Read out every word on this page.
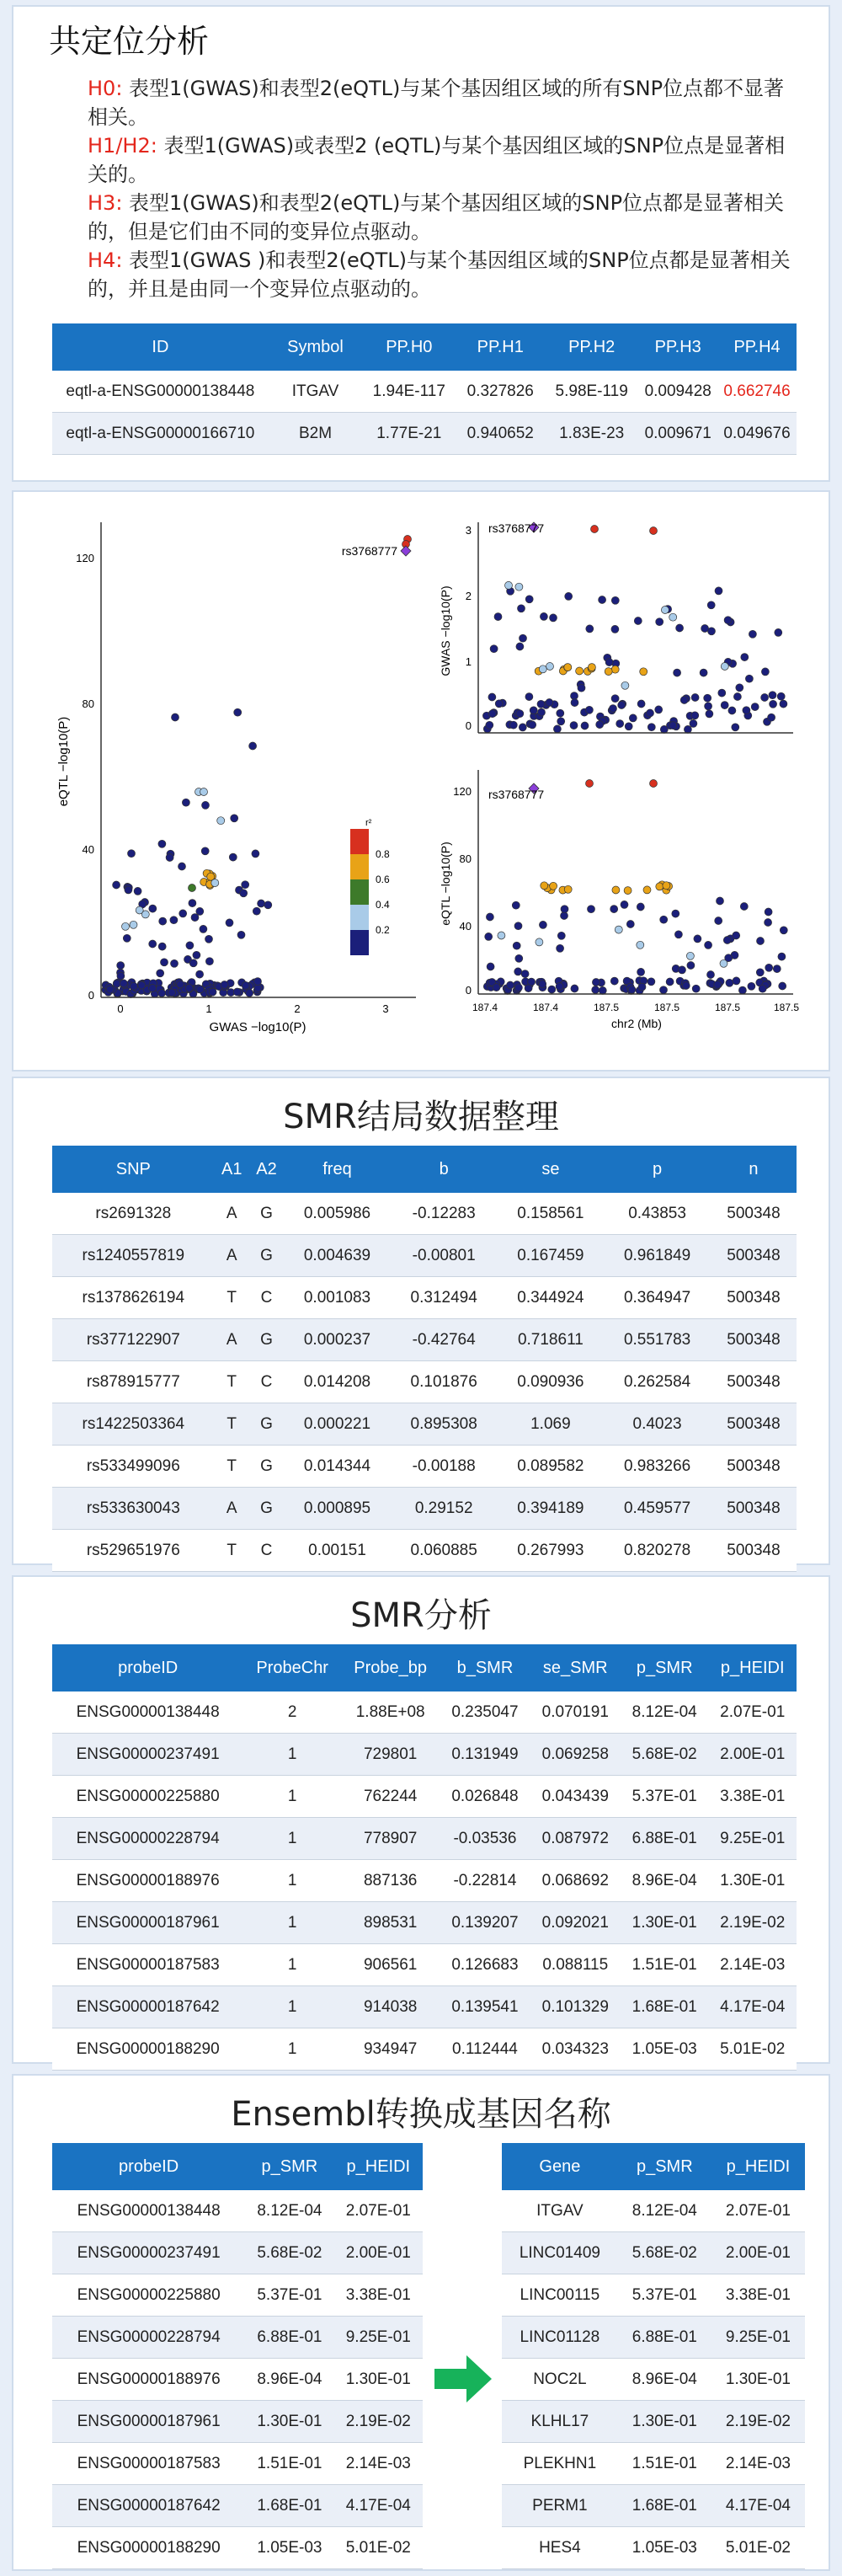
共定位分析
H0: 表型1(GWAS)和表型2(eQTL)与某个基因组区域的所有SNP位点都不显著相关。
H1/H2: 表型1(GWAS)或表型2 (eQTL)与某个基因组区域的SNP位点是显著相关的。
H3: 表型1(GWAS)和表型2(eQTL)与某个基因组区域的SNP位点都是显著相关的，但是它们由不同的变异位点驱动。
H4: 表型1(GWAS )和表型2(eQTL)与某个基因组区域的SNP位点都是显著相关的，并且是由同一个变异位点驱动的。
ID	Symbol	PP.H0	PP.H1	PP.H2	PP.H3	PP.H4
eqtl-a-ENSG00000138448	ITGAV	1.94E-117	0.327826	5.98E-119	0.009428	0.662746
eqtl-a-ENSG00000166710	B2M	1.77E-21	0.940652	1.83E-23	0.009671	0.049676
0
40
80
120
0	1	2	3
GWAS −log10(P)
eQTL −log10(P)
r²
0.8
0.6
0.4
0.2
rs3768777
0
1
2
3
GWAS −log10(P)
rs3768777
0
40
80
120
eQTL −log10(P)
rs3768777
187.4	187.4	187.5	187.5	187.5	187.5
chr2 (Mb)
SMR结局数据整理
SNP	A1	A2	freq	b	se	p	n
rs2691328	A	G	0.005986	-0.12283	0.158561	0.43853	500348
rs1240557819	A	G	0.004639	-0.00801	0.167459	0.961849	500348
rs1378626194	T	C	0.001083	0.312494	0.344924	0.364947	500348
rs377122907	A	G	0.000237	-0.42764	0.718611	0.551783	500348
rs878915777	T	C	0.014208	0.101876	0.090936	0.262584	500348
rs1422503364	T	G	0.000221	0.895308	1.069	0.4023	500348
rs533499096	T	G	0.014344	-0.00188	0.089582	0.983266	500348
rs533630043	A	G	0.000895	0.29152	0.394189	0.459577	500348
rs529651976	T	C	0.00151	0.060885	0.267993	0.820278	500348
SMR分析
probeID	ProbeChr	Probe_bp	b_SMR	se_SMR	p_SMR	p_HEIDI
ENSG00000138448	2	1.88E+08	0.235047	0.070191	8.12E-04	2.07E-01
ENSG00000237491	1	729801	0.131949	0.069258	5.68E-02	2.00E-01
ENSG00000225880	1	762244	0.026848	0.043439	5.37E-01	3.38E-01
ENSG00000228794	1	778907	-0.03536	0.087972	6.88E-01	9.25E-01
ENSG00000188976	1	887136	-0.22814	0.068692	8.96E-04	1.30E-01
ENSG00000187961	1	898531	0.139207	0.092021	1.30E-01	2.19E-02
ENSG00000187583	1	906561	0.126683	0.088115	1.51E-01	2.14E-03
ENSG00000187642	1	914038	0.139541	0.101329	1.68E-01	4.17E-04
ENSG00000188290	1	934947	0.112444	0.034323	1.05E-03	5.01E-02
Ensembl转换成基因名称
probeID	p_SMR	p_HEIDI
ENSG00000138448	8.12E-04	2.07E-01
ENSG00000237491	5.68E-02	2.00E-01
ENSG00000225880	5.37E-01	3.38E-01
ENSG00000228794	6.88E-01	9.25E-01
ENSG00000188976	8.96E-04	1.30E-01
ENSG00000187961	1.30E-01	2.19E-02
ENSG00000187583	1.51E-01	2.14E-03
ENSG00000187642	1.68E-01	4.17E-04
ENSG00000188290	1.05E-03	5.01E-02
Gene	p_SMR	p_HEIDI
ITGAV	8.12E-04	2.07E-01
LINC01409	5.68E-02	2.00E-01
LINC00115	5.37E-01	3.38E-01
LINC01128	6.88E-01	9.25E-01
NOC2L	8.96E-04	1.30E-01
KLHL17	1.30E-01	2.19E-02
PLEKHN1	1.51E-01	2.14E-03
PERM1	1.68E-01	4.17E-04
HES4	1.05E-03	5.01E-02
